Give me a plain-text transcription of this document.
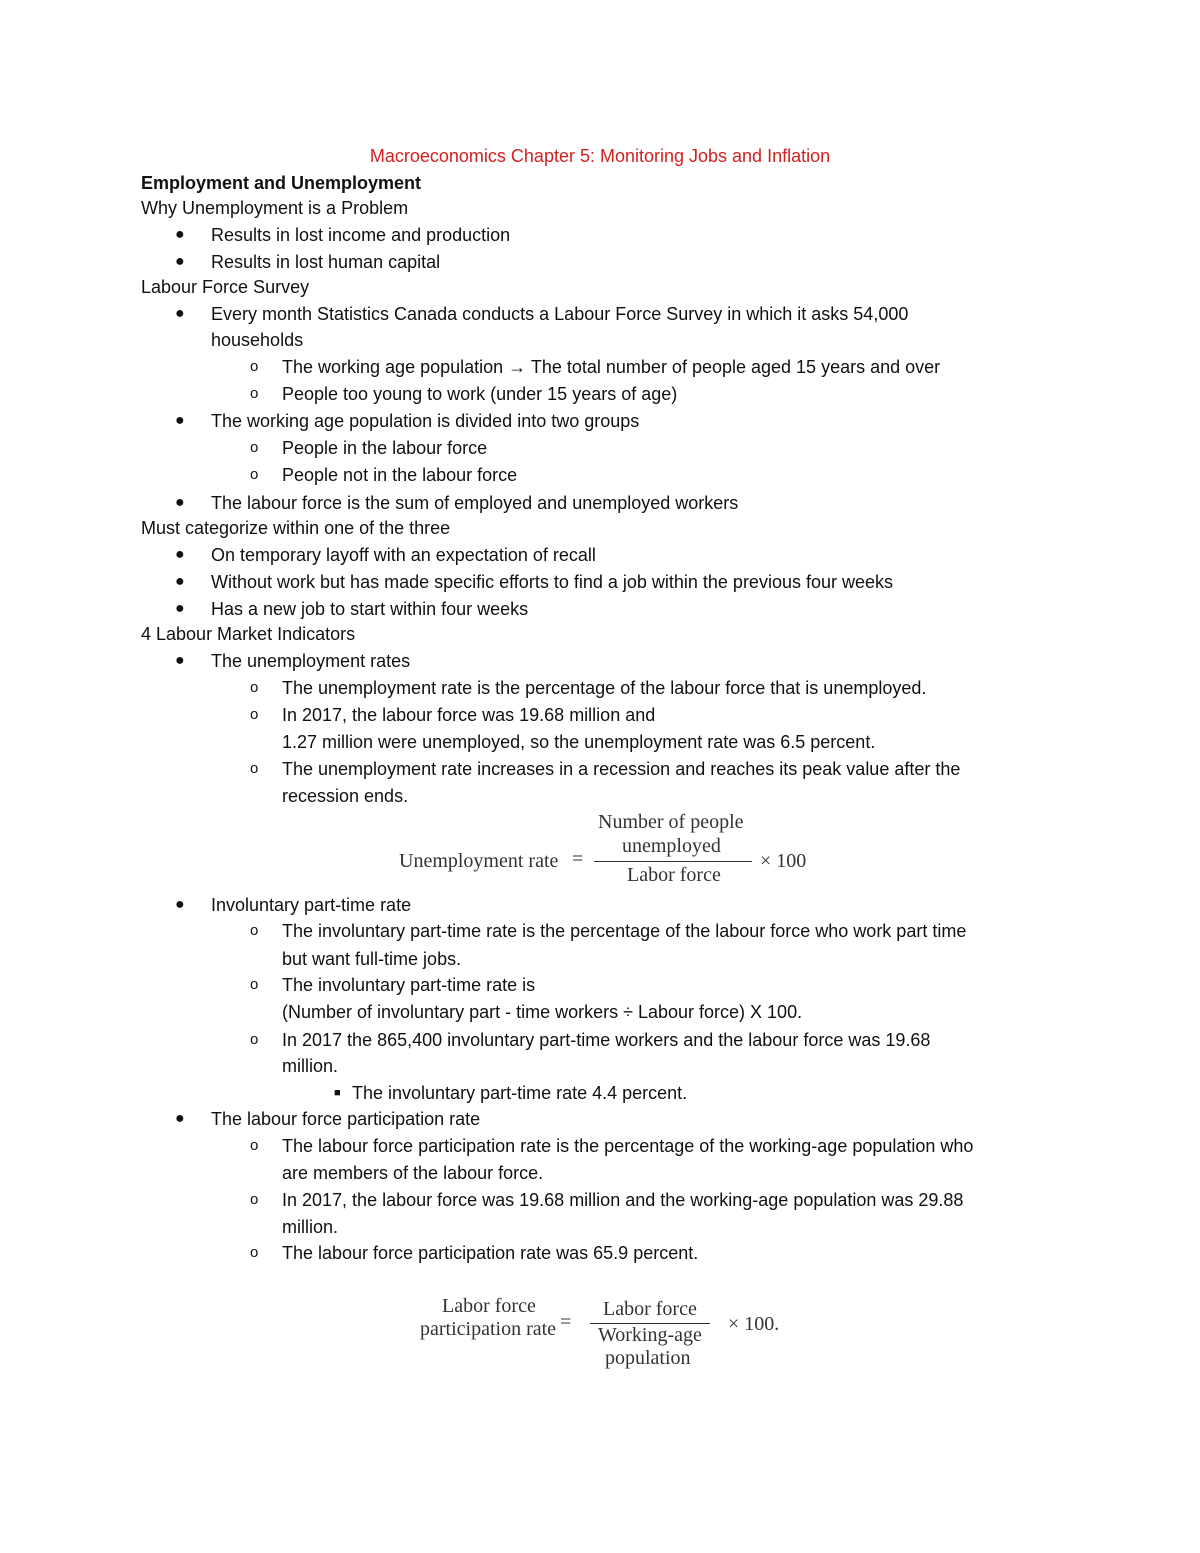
Macroeconomics Chapter 5: Monitoring Jobs and Inflation
Employment and Unemployment
Why Unemployment is a Problem
● Results in lost income and production
● Results in lost human capital
Labour Force Survey
● Every month Statistics Canada conducts a Labour Force Survey in which it asks 54,000
households
o The working age population → The total number of people aged 15 years and over
o People too young to work (under 15 years of age)
● The working age population is divided into two groups
o People in the labour force
o People not in the labour force
● The labour force is the sum of employed and unemployed workers
Must categorize within one of the three
● On temporary layoff with an expectation of recall
● Without work but has made specific efforts to find a job within the previous four weeks
● Has a new job to start within four weeks
4 Labour Market Indicators
● The unemployment rates
o The unemployment rate is the percentage of the labour force that is unemployed.
o In 2017, the labour force was 19.68 million and
1.27 million were unemployed, so the unemployment rate was 6.5 percent.
o The unemployment rate increases in a recession and reaches its peak value after the
recession ends.
Unemployment rate =
Number of people
unemployed
Labor force
× 100
● Involuntary part-time rate
o The involuntary part-time rate is the percentage of the labour force who work part time
but want full-time jobs.
o The involuntary part-time rate is
(Number of involuntary part - time workers ÷ Labour force) X 100.
o In 2017 the 865,400 involuntary part-time workers and the labour force was 19.68
million.
■ The involuntary part-time rate 4.4 percent.
● The labour force participation rate
o The labour force participation rate is the percentage of the working-age population who
are members of the labour force.
o In 2017, the labour force was 19.68 million and the working-age population was 29.88
million.
o The labour force participation rate was 65.9 percent.
Labor force
participation rate =
Labor force
Working-age
population
× 100.
